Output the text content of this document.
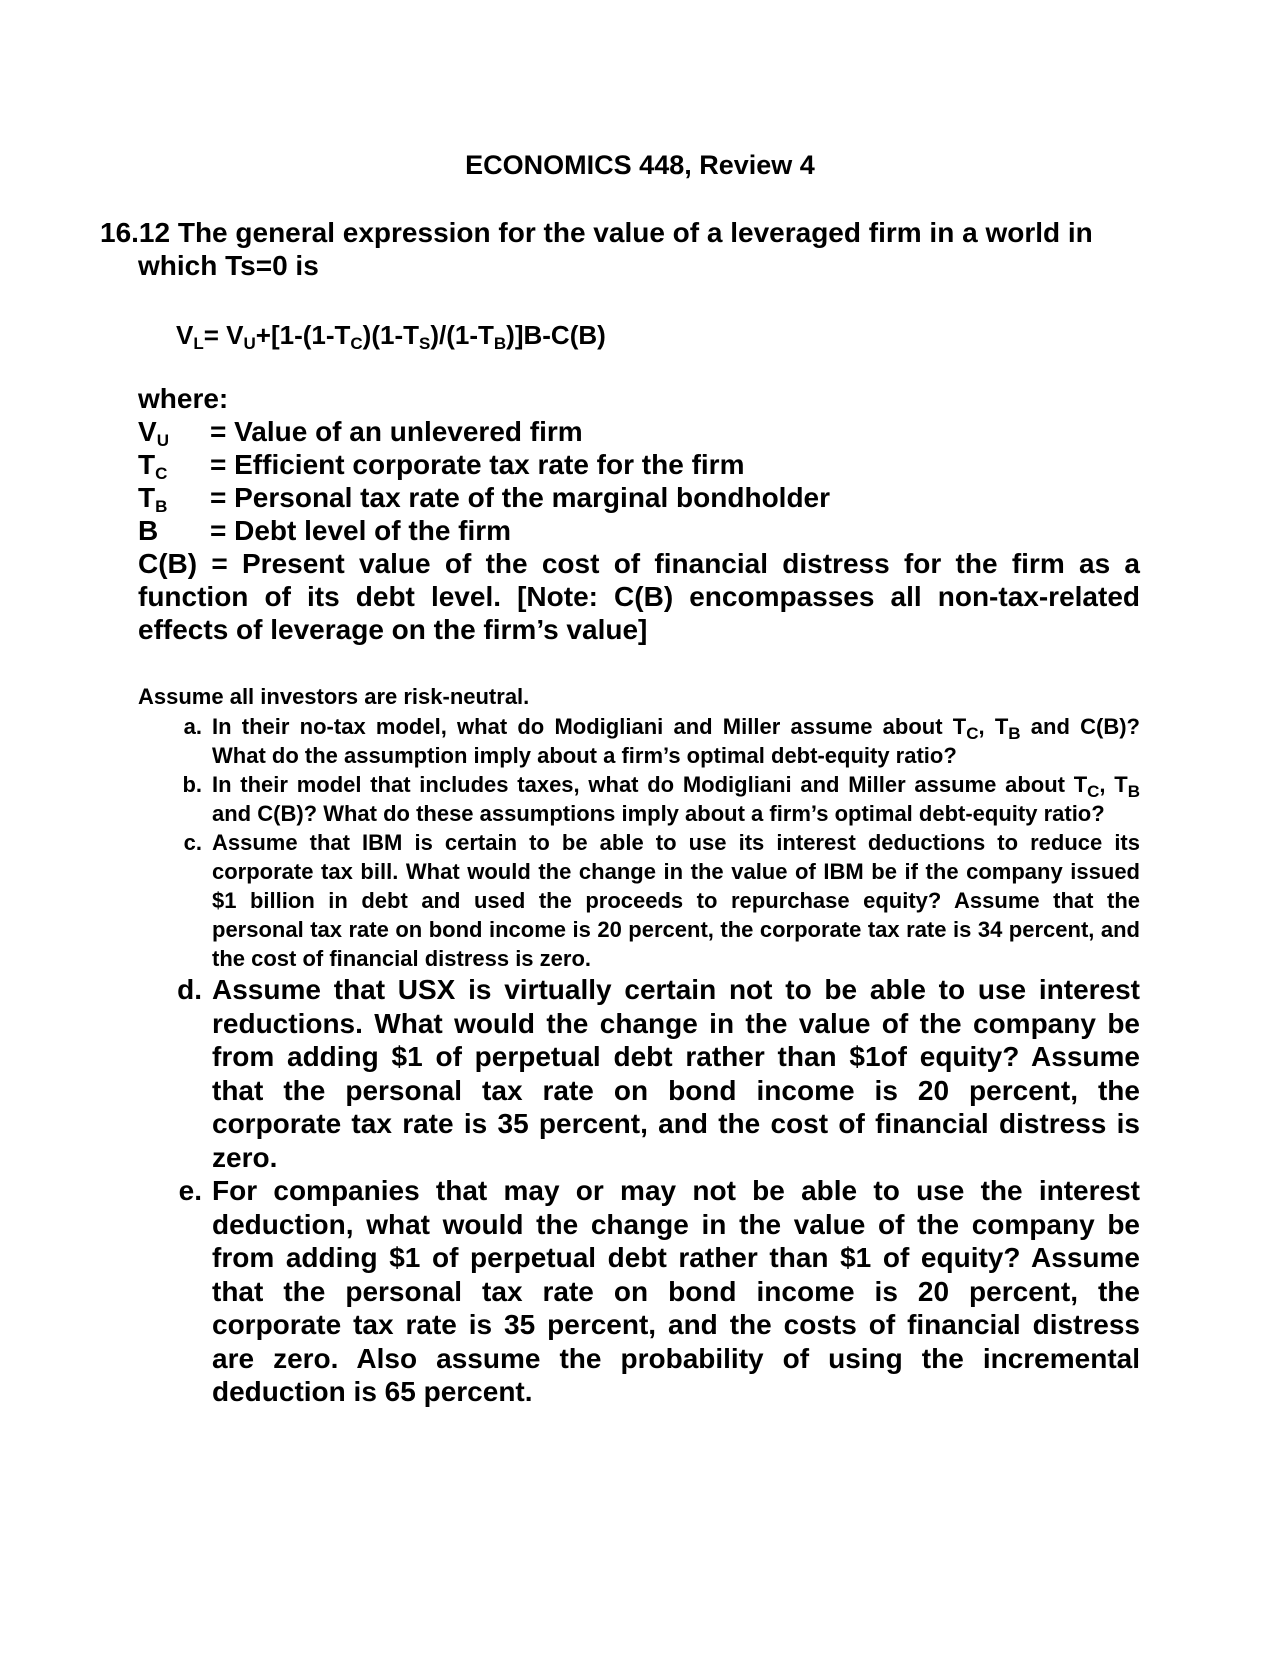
ECONOMICS 448, Review 4
16.12 The general expression for the value of a leveraged firm in a world in which Ts=0 is
$V_L= V_U+[1-(1-T_C)(1-T_S)/(1-T_B)]B-C(B)$
where:
$V_U$	= Value of an unlevered firm
$T_C$	= Efficient corporate tax rate for the firm
$T_B$	= Personal tax rate of the marginal bondholder
B	= Debt level of the firm
C(B) = Present value of the cost of financial distress for the firm as a function of its debt level. [Note: C(B) encompasses all non-tax-related effects of leverage on the firm’s value]
Assume all investors are risk-neutral.
a. In their no-tax model, what do Modigliani and Miller assume about $T_C$, $T_B$ and C(B)? What do the assumption imply about a firm’s optimal debt-equity ratio?
b. In their model that includes taxes, what do Modigliani and Miller assume about $T_C$, $T_B$ and C(B)? What do these assumptions imply about a firm’s optimal debt-equity ratio?
c. Assume that IBM is certain to be able to use its interest deductions to reduce its corporate tax bill. What would the change in the value of IBM be if the company issued $1 billion in debt and used the proceeds to repurchase equity? Assume that the personal tax rate on bond income is 20 percent, the corporate tax rate is 34 percent, and the cost of financial distress is zero.
d. Assume that USX is virtually certain not to be able to use interest reductions. What would the change in the value of the company be from adding $1 of perpetual debt rather than $1of equity? Assume that the personal tax rate on bond income is 20 percent, the corporate tax rate is 35 percent, and the cost of financial distress is zero.
e. For companies that may or may not be able to use the interest deduction, what would the change in the value of the company be from adding $1 of perpetual debt rather than $1 of equity? Assume that the personal tax rate on bond income is 20 percent, the corporate tax rate is 35 percent, and the costs of financial distress are zero. Also assume the probability of using the incremental deduction is 65 percent.
